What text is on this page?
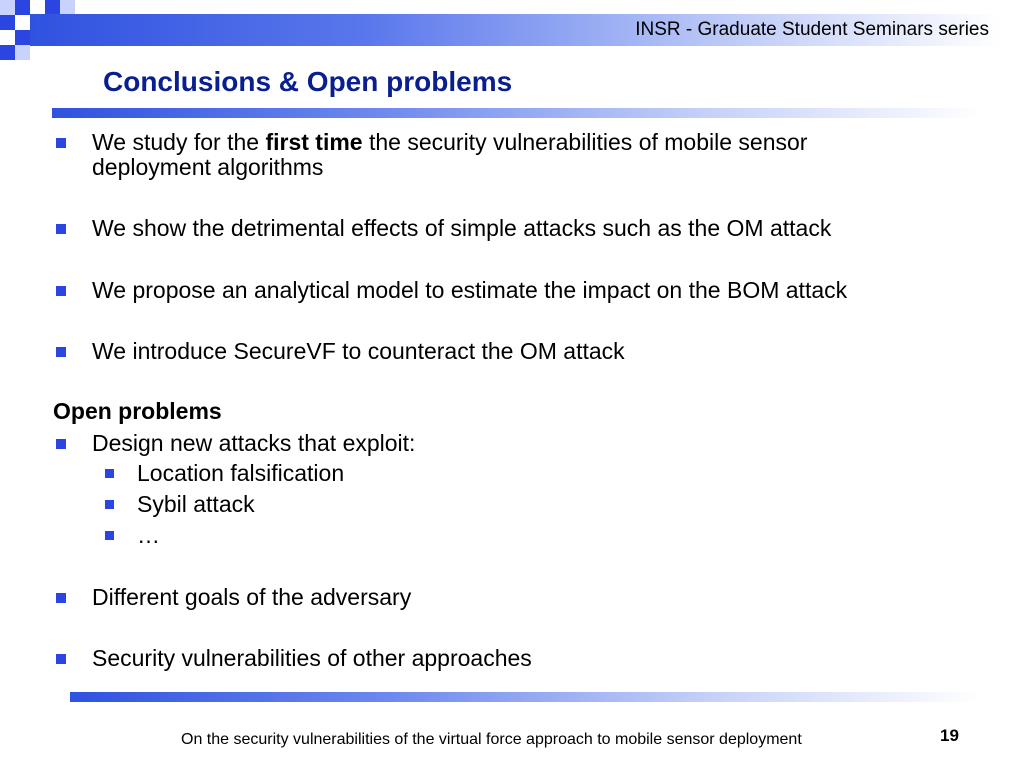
INSR - Graduate Student Seminars series
Conclusions & Open problems
We study for the first time the security vulnerabilities of mobile sensor
deployment algorithms
We show the detrimental effects of simple attacks such as the OM attack
We propose an analytical model to estimate the impact on the BOM attack
We introduce SecureVF to counteract the OM attack
Open problems
Design new attacks that exploit:
Location falsification
Sybil attack
…
Different goals of the adversary
Security vulnerabilities of other approaches
On the security vulnerabilities of the virtual force approach to mobile sensor deployment	19
